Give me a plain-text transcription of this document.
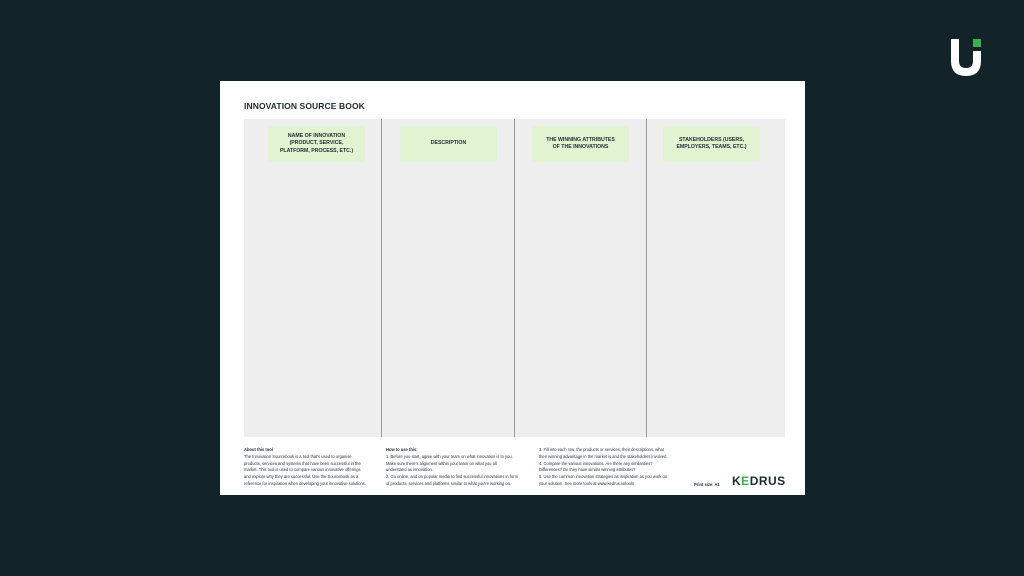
INNOVATION SOURCE BOOK
NAME OF INNOVATION
(PRODUCT, SERVICE,
PLATFORM, PROCESS, ETC.)
DESCRIPTION
THE WINNING ATTRIBUTES
OF THE INNOVATIONS
STAKEHOLDERS (USERS,
EMPLOYERS, TEAMS, ETC.)
About this tool
The Innovation Sourcebook is a tool that's used to organise
products, services and systems that have been successful in the
market. This tool is used to compare various innovative offerings
and explore why they are successful. Use the Sourcebook as a
reference for inspiration when developing your innovative solutions.
How to use this:
1. Before you start, agree with your team on what innovation is to you.
Make sure there's alignment within your team on what you all
understand as innovation.
2. Go online, and on popular media to find successful innovations in form
of products, services and platforms similar to what you're working on.
3. Fill into each row, the products or services, their descriptions, what
their winning advantage in the market is and the stakeholders involved.
4. Compare the various innovations. Are there any similarities?
Differences? Do they have similar winning attributes?
5. Use the common innovation strategies as inspiration as you work on
your solution. See more tools at www.kedrus.io/tools	Print size: A1 KEDRUS
